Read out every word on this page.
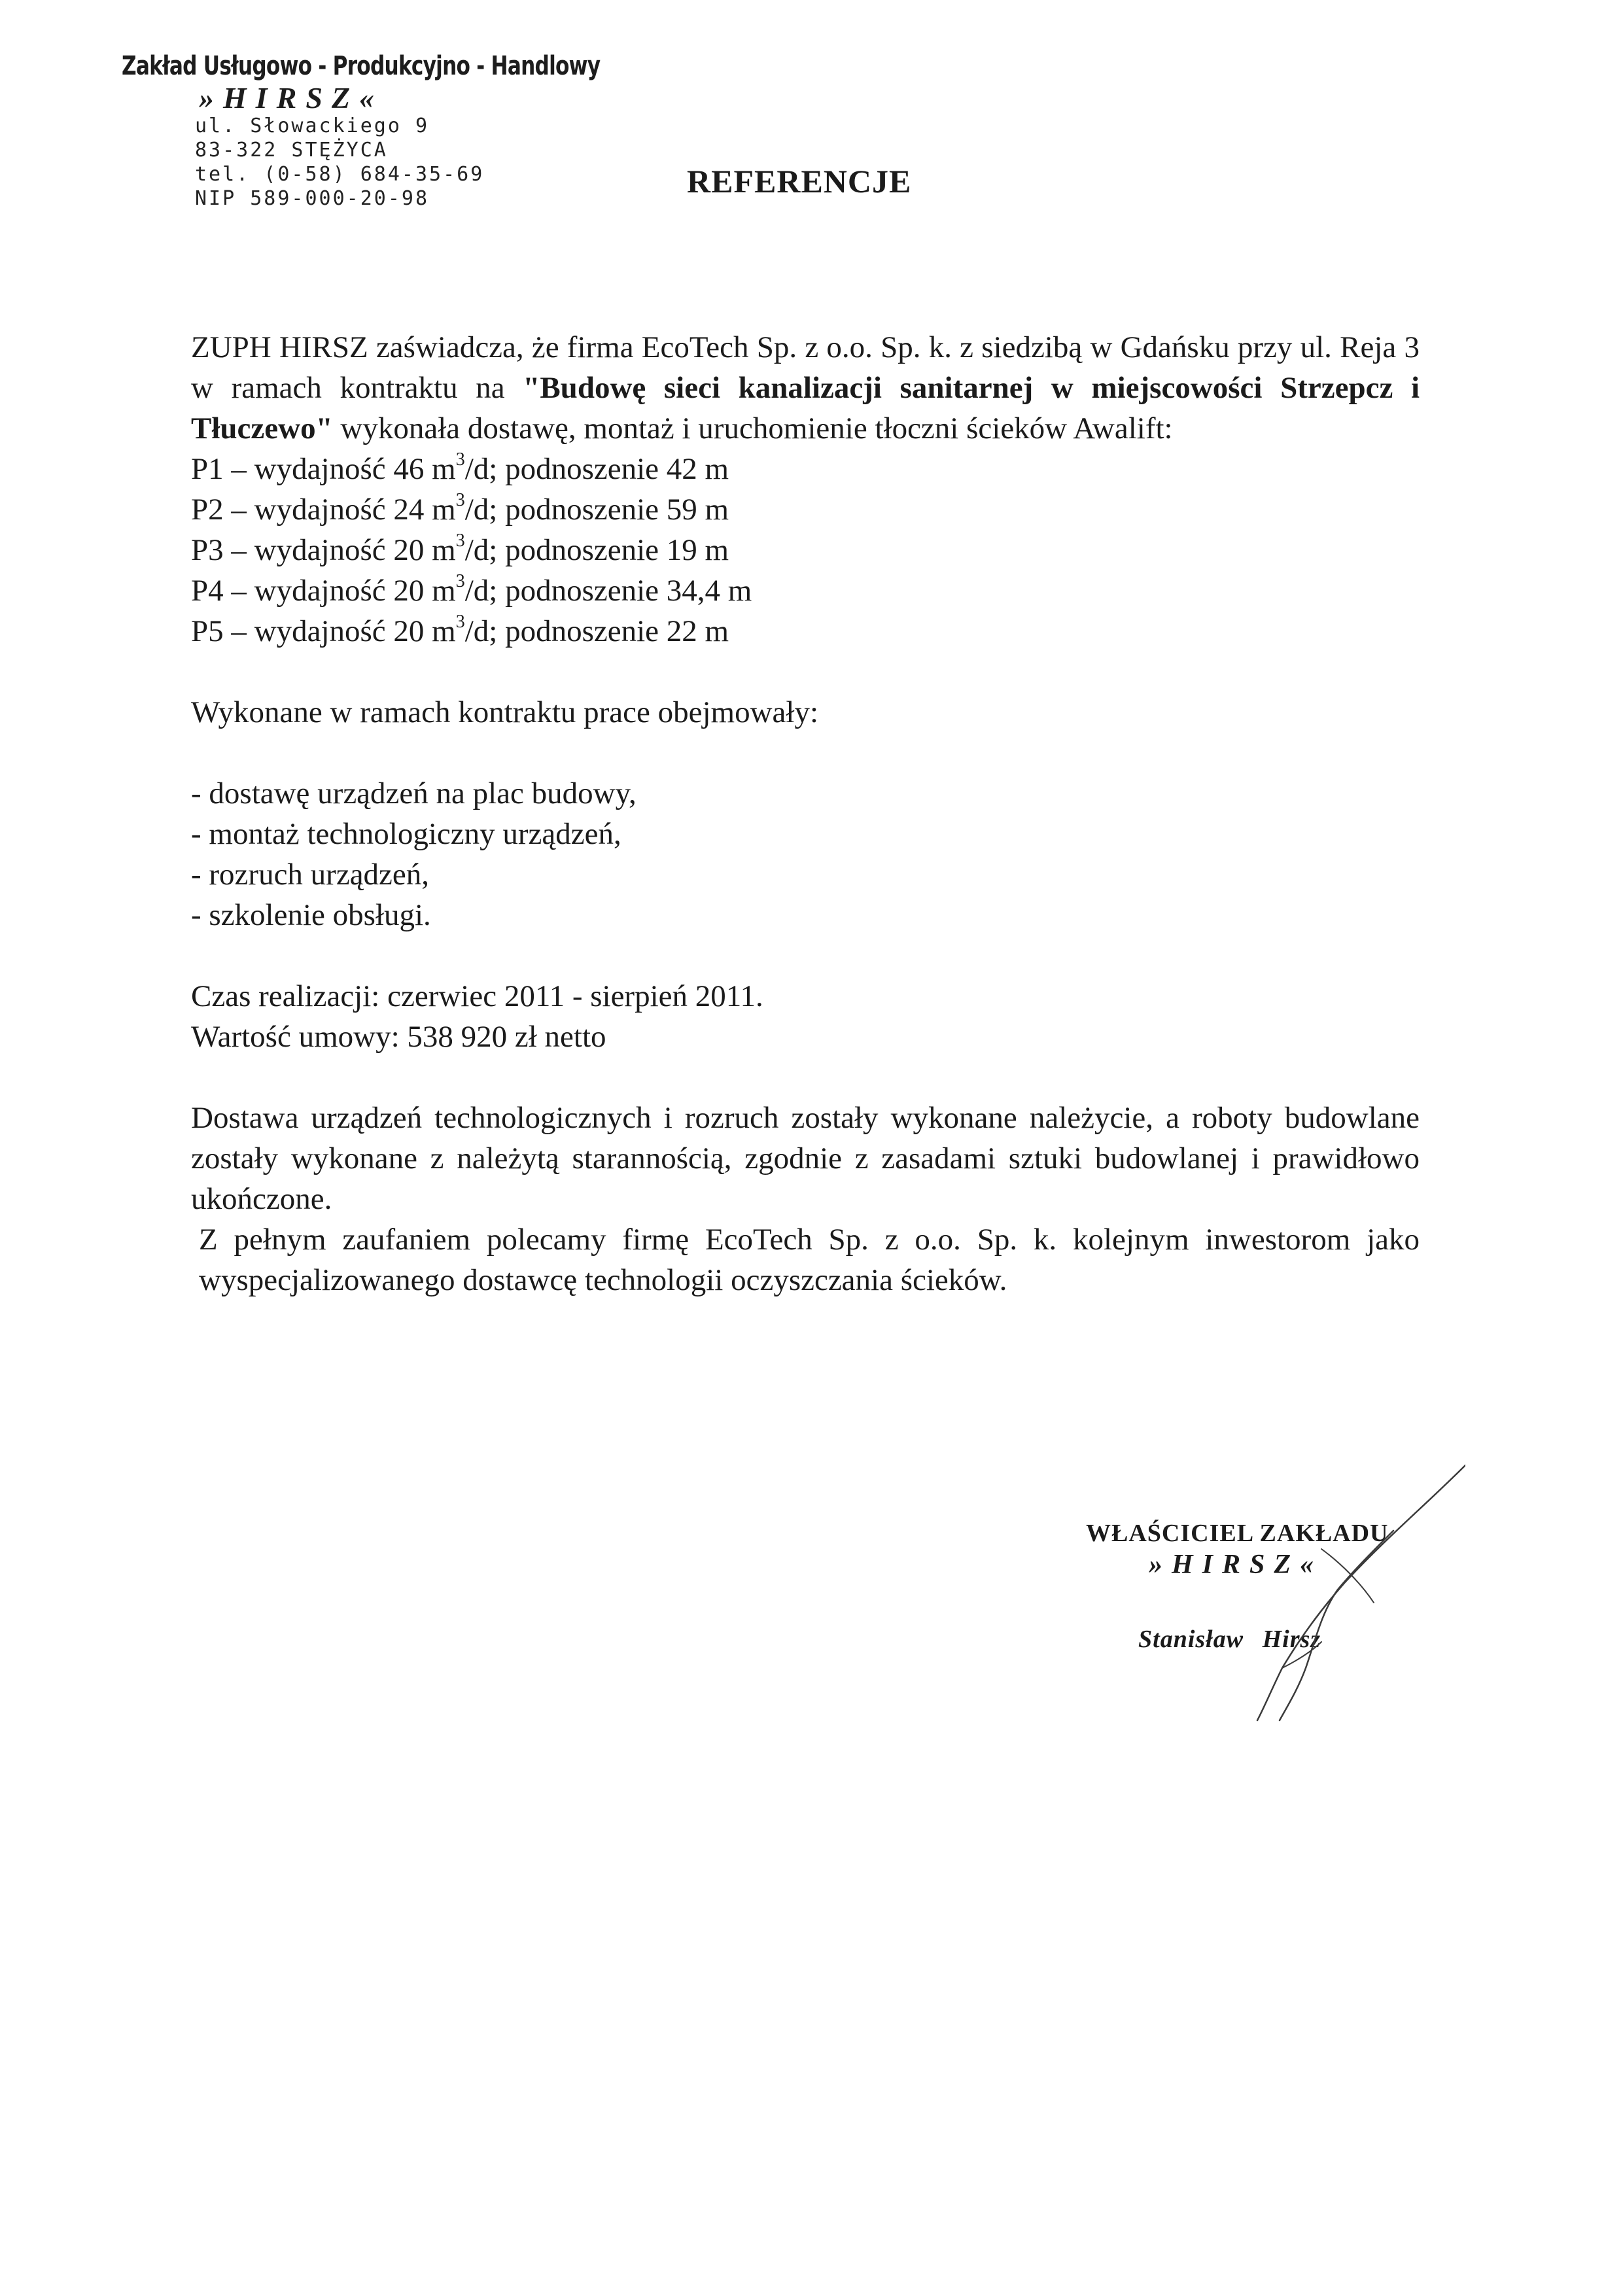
Zakład Usługowo - Produkcyjno - Handlowy
»HIRSZ«
ul. Słowackiego 9
83-322 STĘŻYCA
tel. (0-58) 684-35-69
NIP 589-000-20-98	REFERENCJE

ZUPH HIRSZ zaświadcza, że firma EcoTech Sp. z o.o. Sp. k. z siedzibą w Gdańsku przy ul. Reja 3 w ramach kontraktu na "Budowę sieci kanalizacji sanitarnej w miejscowości Strzepcz i Tłuczewo" wykonała dostawę, montaż i uruchomienie tłoczni ścieków Awalift:

P1 – wydajność 46 $m^3/d$; podnoszenie 42 m
P2 – wydajność 24 $m^3/d$; podnoszenie 59 m
P3 – wydajność 20 $m^3/d$; podnoszenie 19 m
P4 – wydajność 20 $m^3/d$; podnoszenie 34,4 m
P5 – wydajność 20 $m^3/d$; podnoszenie 22 m

Wykonane w ramach kontraktu prace obejmowały:

- dostawę urządzeń na plac budowy,
- montaż technologiczny urządzeń,
- rozruch urządzeń,
- szkolenie obsługi.

Czas realizacji: czerwiec 2011 - sierpień 2011.

Wartość umowy: 538 920 zł netto

Dostawa urządzeń technologicznych i rozruch zostały wykonane należycie, a roboty budowlane zostały wykonane z należytą starannością, zgodnie z zasadami sztuki budowlanej i prawidłowo ukończone.

Z pełnym zaufaniem polecamy firmę EcoTech Sp. z o.o. Sp. k. kolejnym inwestorom jako wyspecjalizowanego dostawcę technologii oczyszczania ścieków.

WŁAŚCICIEL ZAKŁADU
»HIRSZ«
Stanisław Hirsz
